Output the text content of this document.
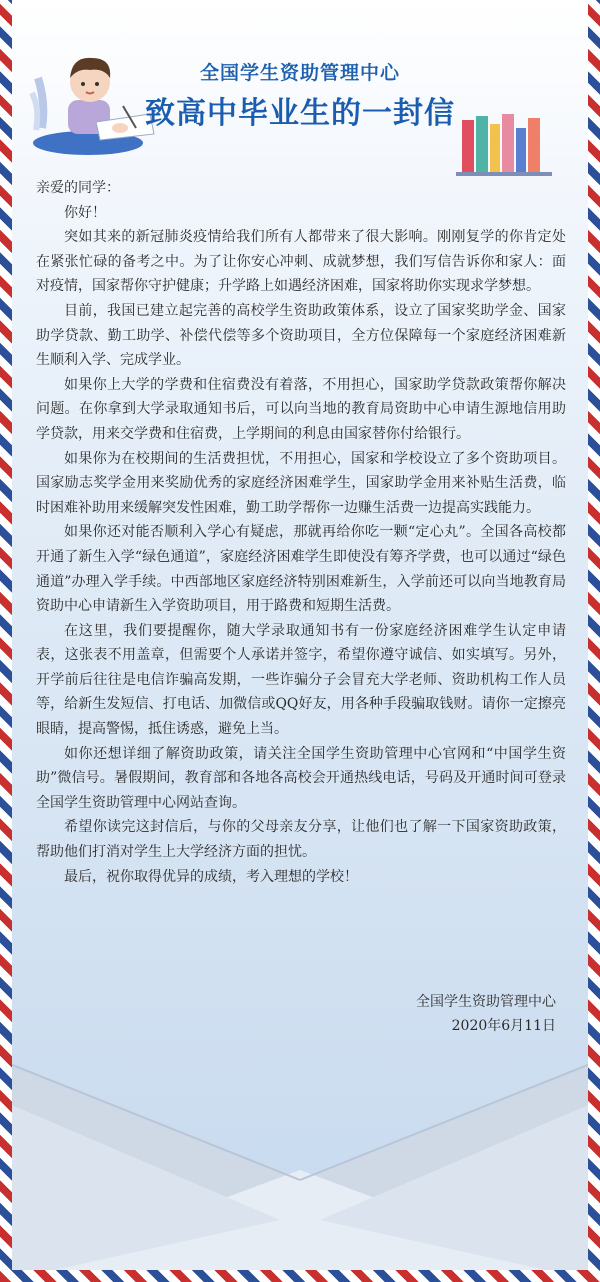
全国学生资助管理中心
致高中毕业生的一封信

亲爱的同学：

你好！

突如其来的新冠肺炎疫情给我们所有人都带来了很大影响。刚刚复学的你肯定处在紧张忙碌的备考之中。为了让你安心冲刺、成就梦想，我们写信告诉你和家人：面对疫情，国家帮你守护健康；升学路上如遇经济困难，国家将助你实现求学梦想。

目前，我国已建立起完善的高校学生资助政策体系，设立了国家奖助学金、国家助学贷款、勤工助学、补偿代偿等多个资助项目，全方位保障每一个家庭经济困难新生顺利入学、完成学业。

如果你上大学的学费和住宿费没有着落，不用担心，国家助学贷款政策帮你解决问题。在你拿到大学录取通知书后，可以向当地的教育局资助中心申请生源地信用助学贷款，用来交学费和住宿费，上学期间的利息由国家替你付给银行。

如果你为在校期间的生活费担忧，不用担心，国家和学校设立了多个资助项目。国家励志奖学金用来奖励优秀的家庭经济困难学生，国家助学金用来补贴生活费，临时困难补助用来缓解突发性困难，勤工助学帮你一边赚生活费一边提高实践能力。

如果你还对能否顺利入学心有疑虑，那就再给你吃一颗“定心丸”。全国各高校都开通了新生入学“绿色通道”，家庭经济困难学生即使没有筹齐学费，也可以通过“绿色通道”办理入学手续。中西部地区家庭经济特别困难新生，入学前还可以向当地教育局资助中心申请新生入学资助项目，用于路费和短期生活费。

在这里，我们要提醒你，随大学录取通知书有一份家庭经济困难学生认定申请表，这张表不用盖章，但需要个人承诺并签字，希望你遵守诚信、如实填写。另外，开学前后往往是电信诈骗高发期，一些诈骗分子会冒充大学老师、资助机构工作人员等，给新生发短信、打电话、加微信或QQ好友，用各种手段骗取钱财。请你一定擦亮眼睛，提高警惕，抵住诱惑，避免上当。

如你还想详细了解资助政策，请关注全国学生资助管理中心官网和“中国学生资助”微信号。暑假期间，教育部和各地各高校会开通热线电话，号码及开通时间可登录全国学生资助管理中心网站查询。

希望你读完这封信后，与你的父母亲友分享，让他们也了解一下国家资助政策，帮助他们打消对学生上大学经济方面的担忧。

最后，祝你取得优异的成绩，考入理想的学校！

全国学生资助管理中心
2020年6月11日
